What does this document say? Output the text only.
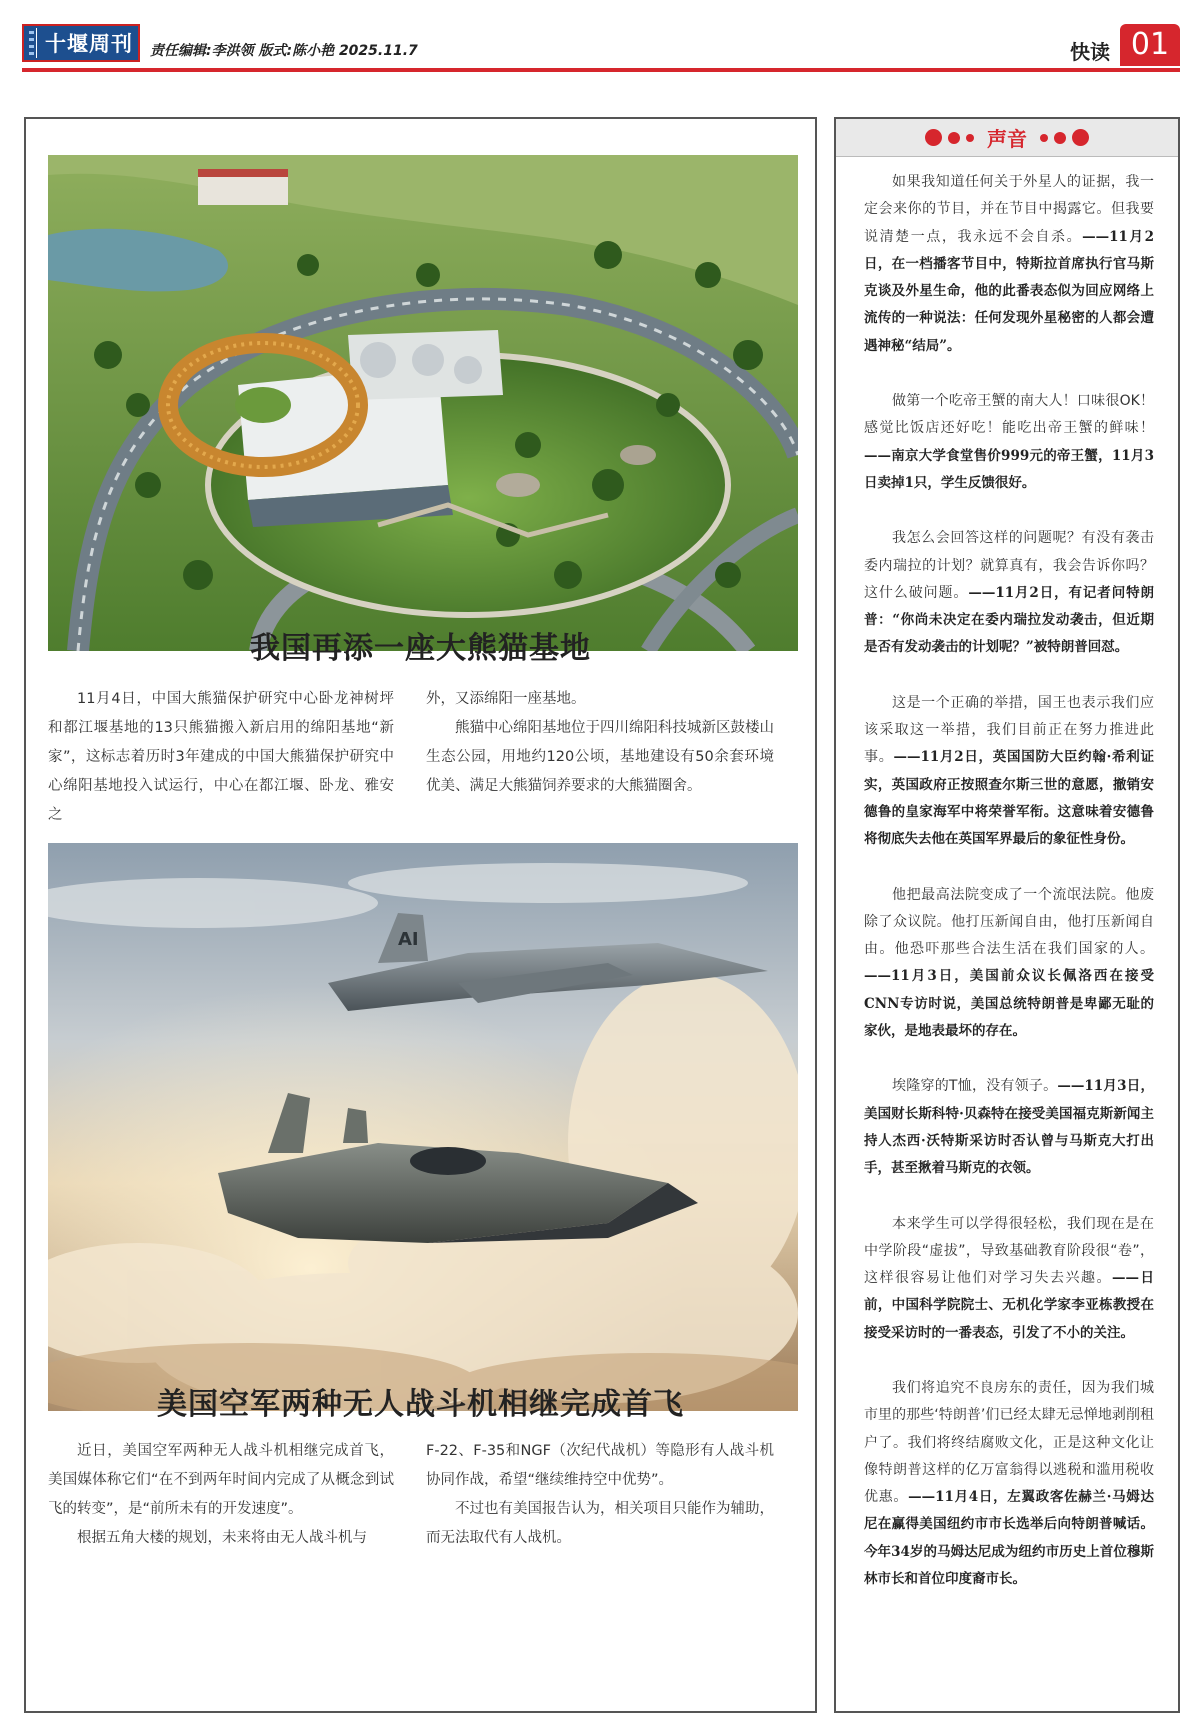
十堰周刊 责任编辑:李洪领 版式:陈小艳 2025.11.7	快读 01
我国再添一座大熊猫基地

11月4日，中国大熊猫保护研究中心卧龙神树坪和都江堰基地的13只熊猫搬入新启用的绵阳基地“新家”，这标志着历时3年建成的中国大熊猫保护研究中心绵阳基地投入试运行，中心在都江堰、卧龙、雅安之

外，又添绵阳一座基地。

熊猫中心绵阳基地位于四川绵阳科技城新区鼓楼山生态公园，用地约120公顷，基地建设有50余套环境优美、满足大熊猫饲养要求的大熊猫圈舍。

AI
美国空军两种无人战斗机相继完成首飞

近日，美国空军两种无人战斗机相继完成首飞，美国媒体称它们“在不到两年时间内完成了从概念到试飞的转变”，是“前所未有的开发速度”。

根据五角大楼的规划，未来将由无人战斗机与

F-22、F-35和NGF（次纪代战机）等隐形有人战斗机协同作战，希望“继续维持空中优势”。

不过也有美国报告认为，相关项目只能作为辅助，而无法取代有人战机。

声音
如果我知道任何关于外星人的证据，我一定会来你的节目，并在节目中揭露它。但我要说清楚一点，我永远不会自杀。——11月2日，在一档播客节目中，特斯拉首席执行官马斯克谈及外星生命，他的此番表态似为回应网络上流传的一种说法：任何发现外星秘密的人都会遭遇神秘“结局”。
做第一个吃帝王蟹的南大人！口味很OK！感觉比饭店还好吃！能吃出帝王蟹的鲜味！——南京大学食堂售价999元的帝王蟹，11月3日卖掉1只，学生反馈很好。
我怎么会回答这样的问题呢？有没有袭击委内瑞拉的计划？就算真有，我会告诉你吗？这什么破问题。——11月2日，有记者问特朗普：“你尚未决定在委内瑞拉发动袭击，但近期是否有发动袭击的计划呢？”被特朗普回怼。
这是一个正确的举措，国王也表示我们应该采取这一举措，我们目前正在努力推进此事。——11月2日，英国国防大臣约翰·希利证实，英国政府正按照查尔斯三世的意愿，撤销安德鲁的皇家海军中将荣誉军衔。这意味着安德鲁将彻底失去他在英国军界最后的象征性身份。
他把最高法院变成了一个流氓法院。他废除了众议院。他打压新闻自由，他打压新闻自由。他恐吓那些合法生活在我们国家的人。——11月3日，美国前众议长佩洛西在接受CNN专访时说，美国总统特朗普是卑鄙无耻的家伙，是地表最坏的存在。
埃隆穿的T恤，没有领子。——11月3日，美国财长斯科特·贝森特在接受美国福克斯新闻主持人杰西·沃特斯采访时否认曾与马斯克大打出手，甚至揪着马斯克的衣领。
本来学生可以学得很轻松，我们现在是在中学阶段“虚拔”，导致基础教育阶段很“卷”，这样很容易让他们对学习失去兴趣。——日前，中国科学院院士、无机化学家李亚栋教授在接受采访时的一番表态，引发了不小的关注。
我们将追究不良房东的责任，因为我们城市里的那些‘特朗普’们已经太肆无忌惮地剥削租户了。我们将终结腐败文化，正是这种文化让像特朗普这样的亿万富翁得以逃税和滥用税收优惠。——11月4日，左翼政客佐赫兰·马姆达尼在赢得美国纽约市市长选举后向特朗普喊话。今年34岁的马姆达尼成为纽约市历史上首位穆斯林市长和首位印度裔市长。
